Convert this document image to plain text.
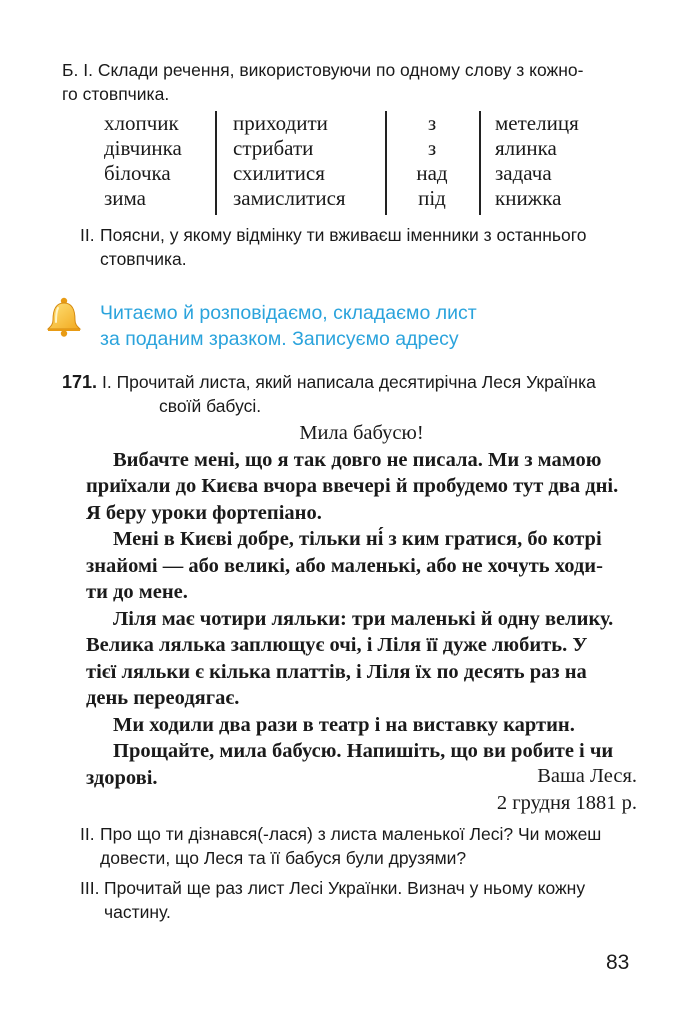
Б. І. Склади речення, використовуючи по одному слову з кожно-
го стовпчика.
хлопчик
дівчинка
білочка
зима
приходити
стрибати
схилитися
замислитися
з
з
над
під
метелиця
ялинка
задача
книжка
ІІ. Поясни, у якому відмінку ти вживаєш іменники з останнього
стовпчика.
Читаємо й розповідаємо, складаємо лист
за поданим зразком. Записуємо адресу
171. І. Прочитай листа, який написала десятирічна Леся Українка
своїй бабусі.
Мила бабусю!
Вибачте мені, що я так довго не писала. Ми з мамою
приїхали до Києва вчора ввечері й пробудемо тут два дні.
Я беру уроки фортепіано.
Мені в Києві добре, тільки ні́ з ким гратися, бо котрі
знайомі — або великі, або маленькі, або не хочуть ходи-
ти до мене.
Ліля має чотири ляльки: три маленькі й одну велику.
Велика лялька заплющує очі, і Ліля її дуже любить. У
тієї ляльки є кілька платтів, і Ліля їх по десять раз на
день переодягає.
Ми ходили два рази в театр і на виставку картин.
Прощайте, мила бабусю. Напишіть, що ви робите і чи
здорові.	Ваша Леся.
2 грудня 1881 р.
ІІ. Про що ти дізнався(-лася) з листа маленької Лесі? Чи можеш
довести, що Леся та її бабуся були друзями?
ІІІ. Прочитай ще раз лист Лесі Українки. Визнач у ньому кожну
частину.
83
